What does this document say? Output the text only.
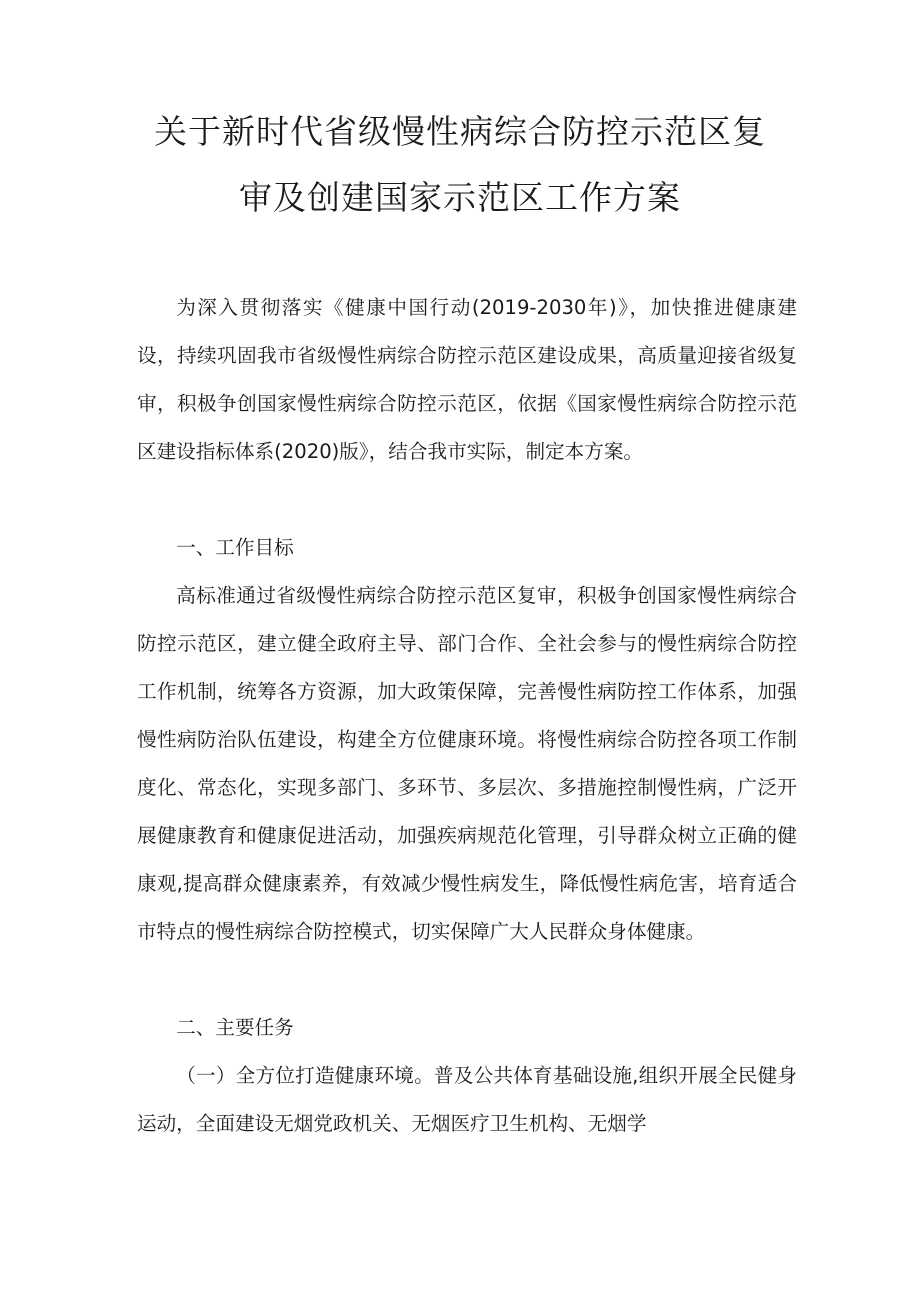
关于新时代省级慢性病综合防控示范区复
审及创建国家示范区工作方案

为深入贯彻落实《健康中国行动(2019-2030年)》，加快推进健康建设，持续巩固我市省级慢性病综合防控示范区建设成果，高质量迎接省级复审，积极争创国家慢性病综合防控示范区，依据《国家慢性病综合防控示范区建设指标体系(2020)版》，结合我市实际，制定本方案。

一、工作目标

高标准通过省级慢性病综合防控示范区复审，积极争创国家慢性病综合防控示范区，建立健全政府主导、部门合作、全社会参与的慢性病综合防控工作机制，统筹各方资源，加大政策保障，完善慢性病防控工作体系，加强慢性病防治队伍建设，构建全方位健康环境。将慢性病综合防控各项工作制度化、常态化，实现多部门、多环节、多层次、多措施控制慢性病，广泛开展健康教育和健康促进活动，加强疾病规范化管理，引导群众树立正确的健康观,提高群众健康素养，有效减少慢性病发生，降低慢性病危害，培育适合市特点的慢性病综合防控模式，切实保障广大人民群众身体健康。

二、主要任务

（一）全方位打造健康环境。普及公共体育基础设施,组织开展全民健身运动，全面建设无烟党政机关、无烟医疗卫生机构、无烟学
